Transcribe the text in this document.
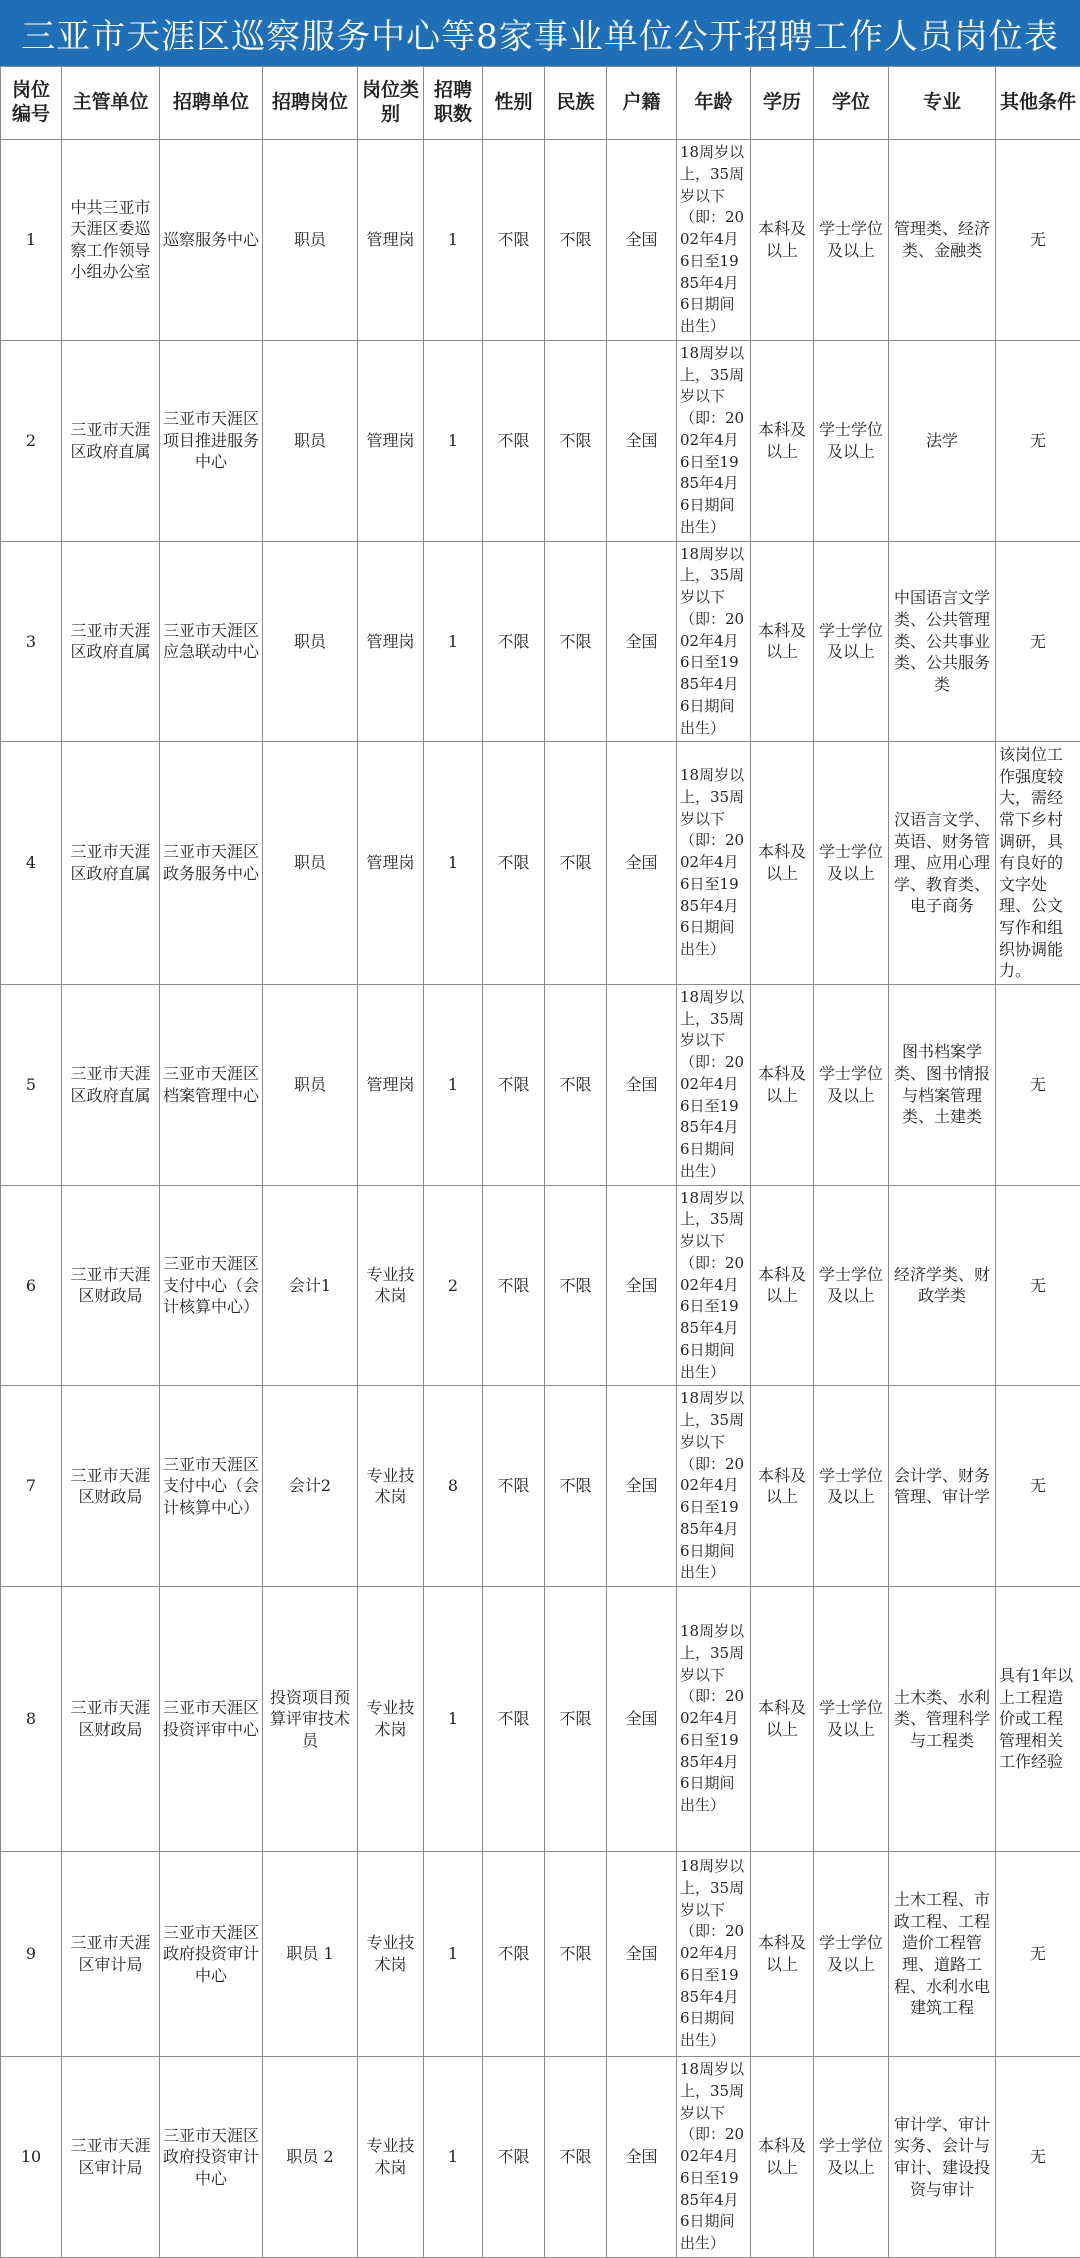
三亚市天涯区巡察服务中心等8家事业单位公开招聘工作人员岗位表
岗位编号	主管单位	招聘单位	招聘岗位	岗位类别	招聘职数	性别	民族	户籍	年龄	学历	学位	专业	其他条件
1	中共三亚市天涯区委巡察工作领导小组办公室	巡察服务中心	职员	管理岗	1	不限	不限	全国	18周岁以上，35周岁以下（即：2002年4月6日至1985年4月6日期间出生）	本科及以上	学士学位及以上	管理类、经济类、金融类	无
2	三亚市天涯区政府直属	三亚市天涯区项目推进服务中心	职员	管理岗	1	不限	不限	全国	18周岁以上，35周岁以下（即：2002年4月6日至1985年4月6日期间出生）	本科及以上	学士学位及以上	法学	无
3	三亚市天涯区政府直属	三亚市天涯区应急联动中心	职员	管理岗	1	不限	不限	全国	18周岁以上，35周岁以下（即：2002年4月6日至1985年4月6日期间出生）	本科及以上	学士学位及以上	中国语言文学类、公共管理类、公共事业类、公共服务类	无
4	三亚市天涯区政府直属	三亚市天涯区政务服务中心	职员	管理岗	1	不限	不限	全国	18周岁以上，35周岁以下（即：2002年4月6日至1985年4月6日期间出生）	本科及以上	学士学位及以上	汉语言文学、英语、财务管理、应用心理学、教育类、电子商务	该岗位工作强度较大，需经常下乡村调研，具有良好的文字处理、公文写作和组织协调能力。
5	三亚市天涯区政府直属	三亚市天涯区档案管理中心	职员	管理岗	1	不限	不限	全国	18周岁以上，35周岁以下（即：2002年4月6日至1985年4月6日期间出生）	本科及以上	学士学位及以上	图书档案学类、图书情报与档案管理类、土建类	无
6	三亚市天涯区财政局	三亚市天涯区支付中心（会计核算中心）	会计1	专业技术岗	2	不限	不限	全国	18周岁以上，35周岁以下（即：2002年4月6日至1985年4月6日期间出生）	本科及以上	学士学位及以上	经济学类、财政学类	无
7	三亚市天涯区财政局	三亚市天涯区支付中心（会计核算中心）	会计2	专业技术岗	8	不限	不限	全国	18周岁以上，35周岁以下（即：2002年4月6日至1985年4月6日期间出生）	本科及以上	学士学位及以上	会计学、财务管理、审计学	无
8	三亚市天涯区财政局	三亚市天涯区投资评审中心	投资项目预算评审技术员	专业技术岗	1	不限	不限	全国	18周岁以上，35周岁以下（即：2002年4月6日至1985年4月6日期间出生）	本科及以上	学士学位及以上	土木类、水利类、管理科学与工程类	具有1年以上工程造价或工程管理相关工作经验
9	三亚市天涯区审计局	三亚市天涯区政府投资审计中心	职员 1	专业技术岗	1	不限	不限	全国	18周岁以上，35周岁以下（即：2002年4月6日至1985年4月6日期间出生）	本科及以上	学士学位及以上	土木工程、市政工程、工程造价工程管理、道路工程、水利水电建筑工程	无
10	三亚市天涯区审计局	三亚市天涯区政府投资审计中心	职员 2	专业技术岗	1	不限	不限	全国	18周岁以上，35周岁以下（即：2002年4月6日至1985年4月6日期间出生）	本科及以上	学士学位及以上	审计学、审计实务、会计与审计、建设投资与审计	无
